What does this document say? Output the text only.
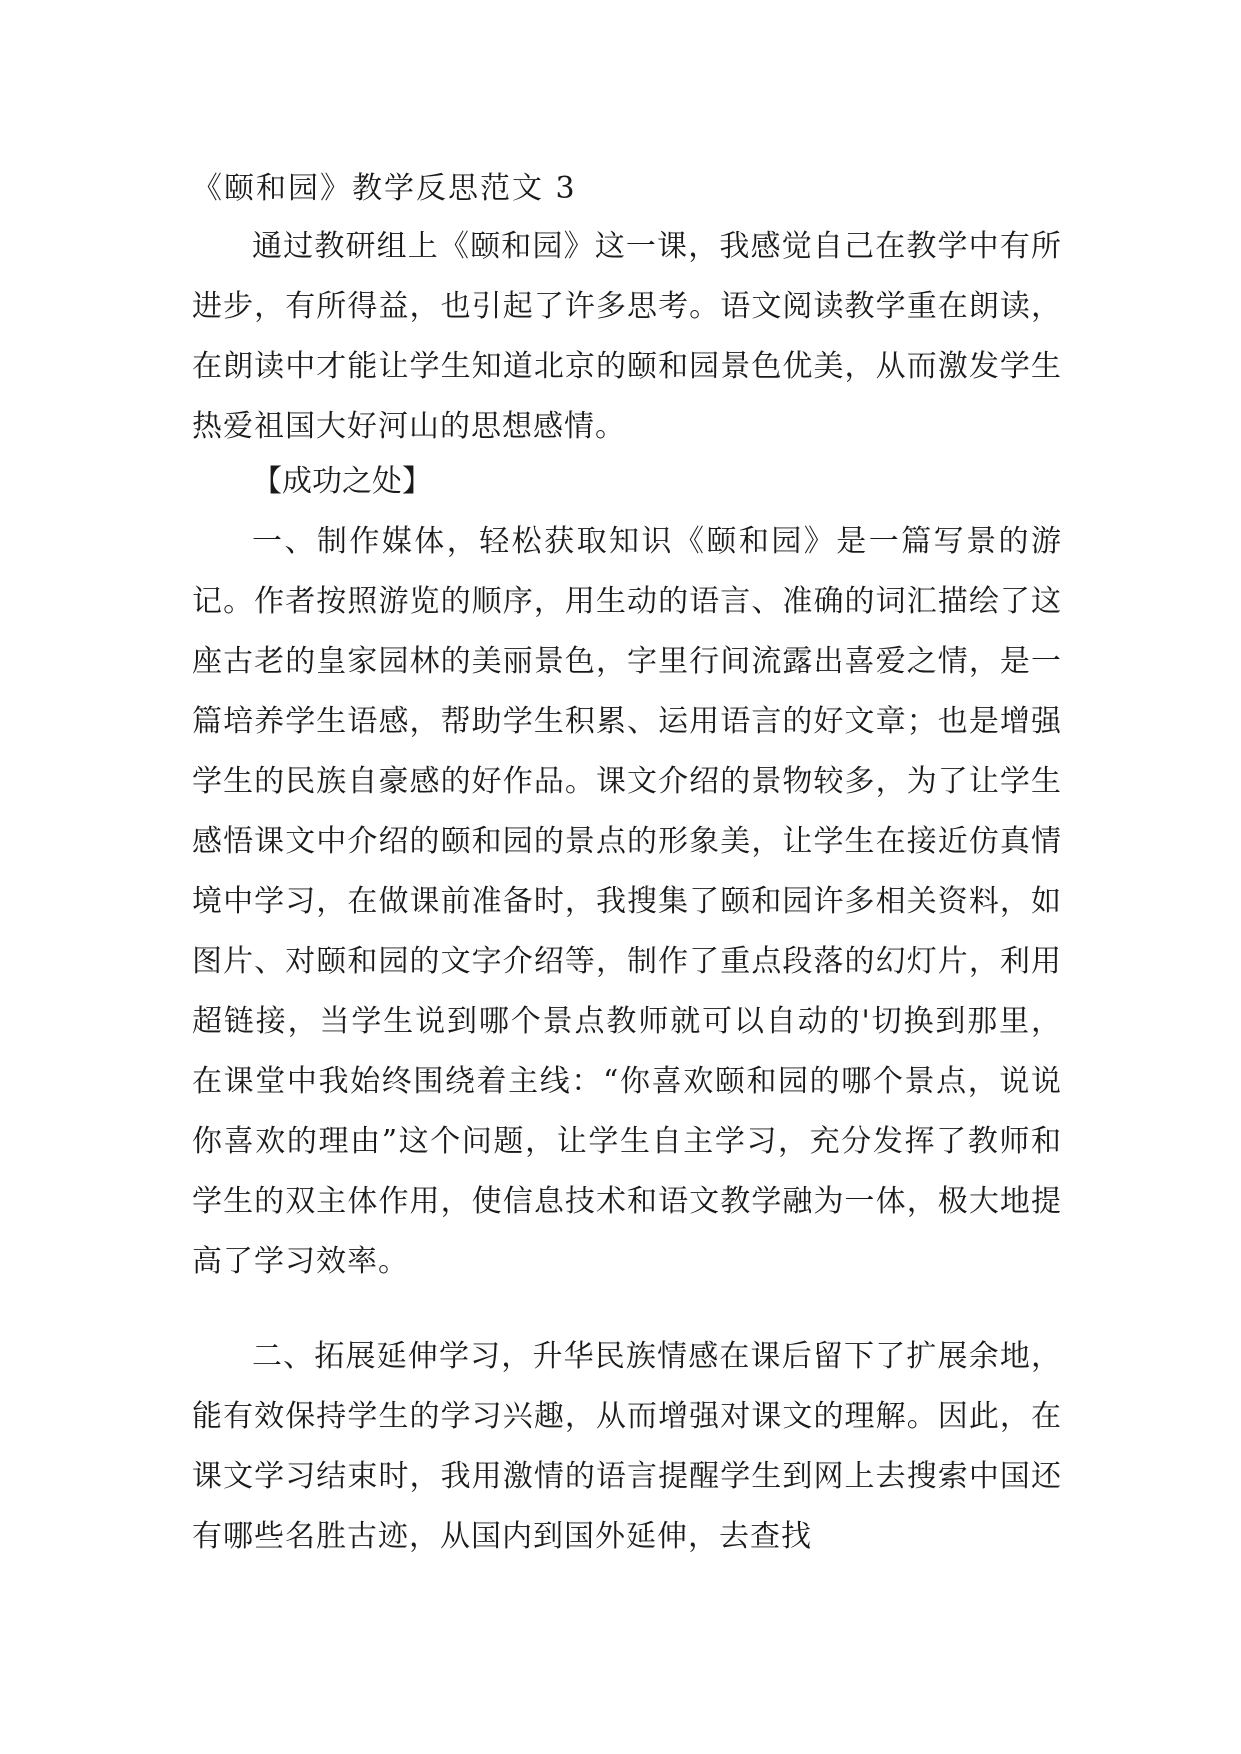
《颐和园》教学反思范文 3

通过教研组上《颐和园》这一课，我感觉自己在教学中有所进步，有所得益，也引起了许多思考。语文阅读教学重在朗读，在朗读中才能让学生知道北京的颐和园景色优美，从而激发学生热爱祖国大好河山的思想感情。

【成功之处】

一、制作媒体，轻松获取知识《颐和园》是一篇写景的游记。作者按照游览的顺序，用生动的语言、准确的词汇描绘了这座古老的皇家园林的美丽景色，字里行间流露出喜爱之情，是一篇培养学生语感，帮助学生积累、运用语言的好文章；也是增强学生的民族自豪感的好作品。课文介绍的景物较多，为了让学生感悟课文中介绍的颐和园的景点的形象美，让学生在接近仿真情境中学习，在做课前准备时，我搜集了颐和园许多相关资料，如图片、对颐和园的文字介绍等，制作了重点段落的幻灯片，利用超链接，当学生说到哪个景点教师就可以自动的'切换到那里，在课堂中我始终围绕着主线：“你喜欢颐和园的哪个景点，说说你喜欢的理由”这个问题，让学生自主学习，充分发挥了教师和学生的双主体作用，使信息技术和语文教学融为一体，极大地提高了学习效率。

二、拓展延伸学习，升华民族情感在课后留下了扩展余地，能有效保持学生的学习兴趣，从而增强对课文的理解。因此，在课文学习结束时，我用激情的语言提醒学生到网上去搜索中国还有哪些名胜古迹，从国内到国外延伸，去查找
